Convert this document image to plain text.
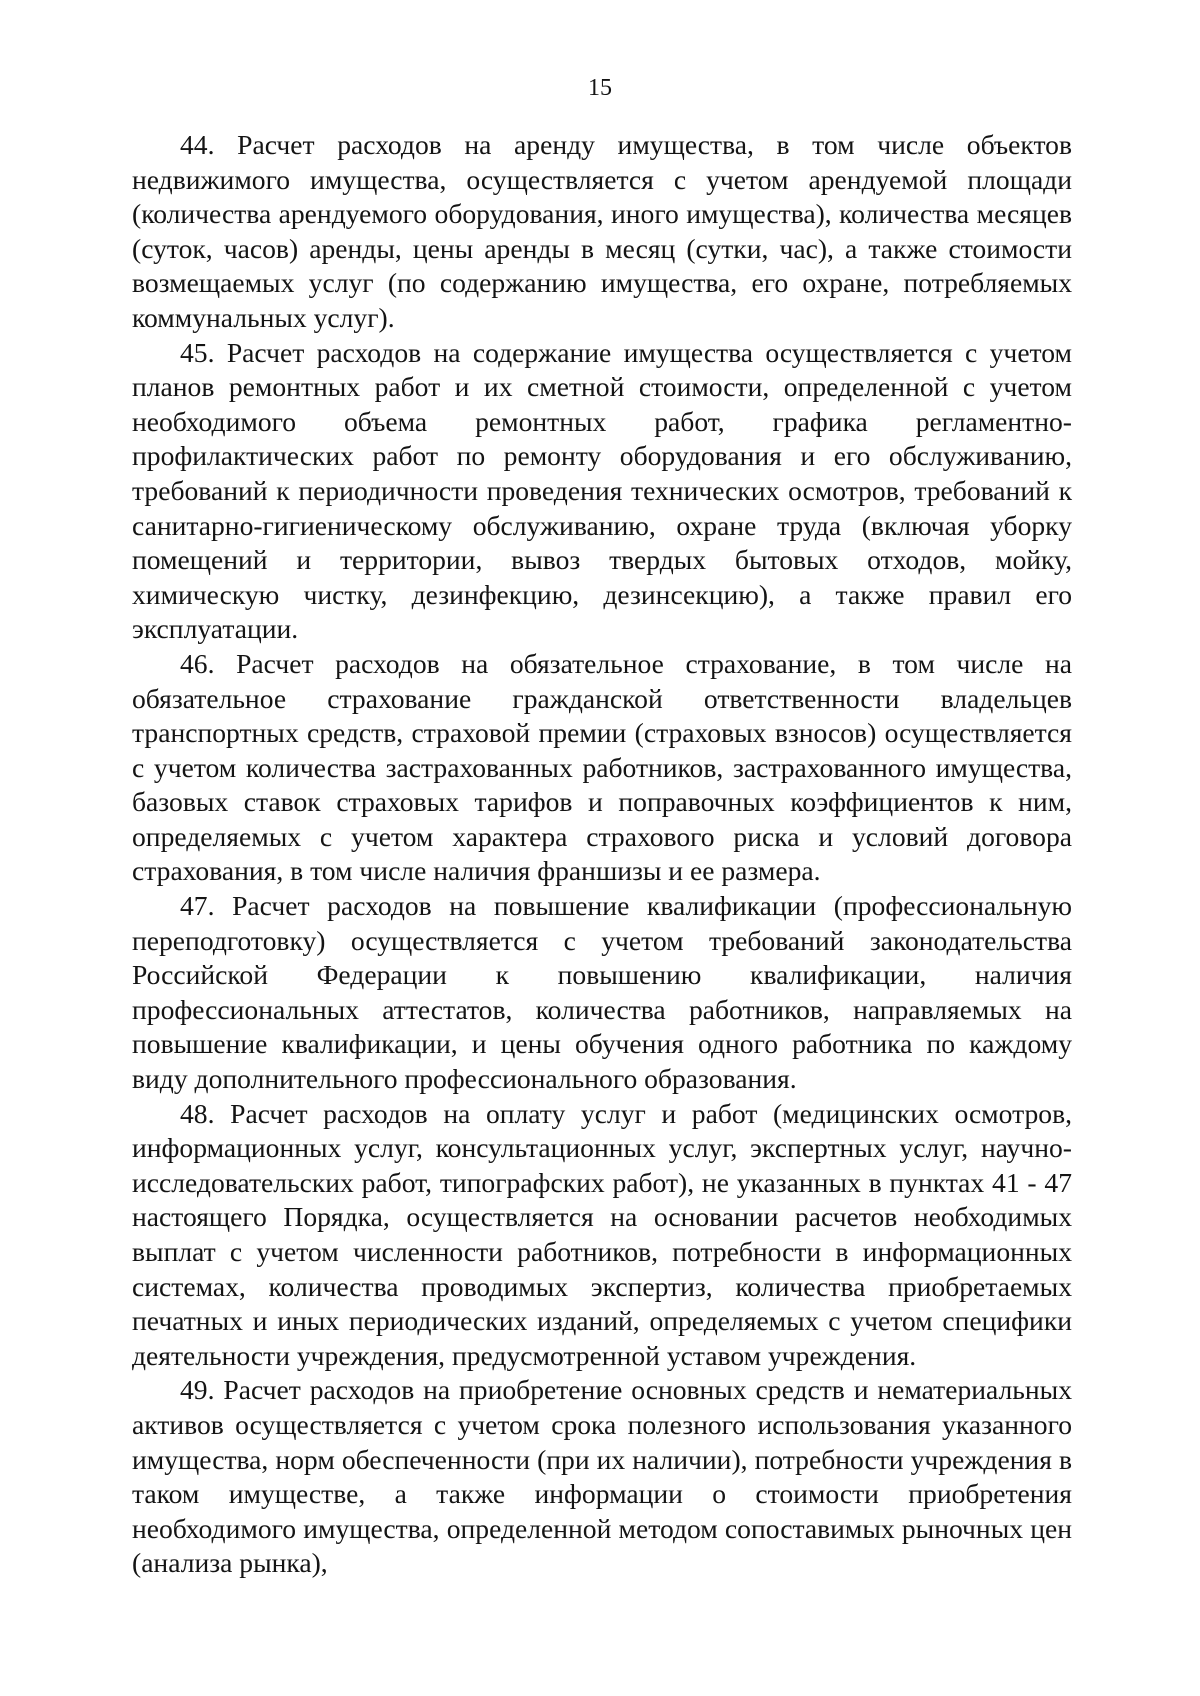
15

44. Расчет расходов на аренду имущества, в том числе объектов недвижимого имущества, осуществляется с учетом арендуемой площади (количества арендуемого оборудования, иного имущества), количества месяцев (суток, часов) аренды, цены аренды в месяц (сутки, час), а также стоимости возмещаемых услуг (по содержанию имущества, его охране, потребляемых коммунальных услуг).

45. Расчет расходов на содержание имущества осуществляется с учетом планов ремонтных работ и их сметной стоимости, определенной с учетом необходимого объема ремонтных работ, графика регламентно-профилактических работ по ремонту оборудования и его обслуживанию, требований к периодичности проведения технических осмотров, требований к санитарно-гигиеническому обслуживанию, охране труда (включая уборку помещений и территории, вывоз твердых бытовых отходов, мойку, химическую чистку, дезинфекцию, дезинсекцию), а также правил его эксплуатации.

46. Расчет расходов на обязательное страхование, в том числе на обязательное страхование гражданской ответственности владельцев транспортных средств, страховой премии (страховых взносов) осуществляется с учетом количества застрахованных работников, застрахованного имущества, базовых ставок страховых тарифов и поправочных коэффициентов к ним, определяемых с учетом характера страхового риска и условий договора страхования, в том числе наличия франшизы и ее размера.

47. Расчет расходов на повышение квалификации (профессиональную переподготовку) осуществляется с учетом требований законодательства Российской Федерации к повышению квалификации, наличия профессиональных аттестатов, количества работников, направляемых на повышение квалификации, и цены обучения одного работника по каждому виду дополнительного профессионального образования.

48. Расчет расходов на оплату услуг и работ (медицинских осмотров, информационных услуг, консультационных услуг, экспертных услуг, научно-исследовательских работ, типографских работ), не указанных в пунктах 41 - 47 настоящего Порядка, осуществляется на основании расчетов необходимых выплат с учетом численности работников, потребности в информационных системах, количества проводимых экспертиз, количества приобретаемых печатных и иных периодических изданий, определяемых с учетом специфики деятельности учреждения, предусмотренной уставом учреждения.

49. Расчет расходов на приобретение основных средств и нематериальных активов осуществляется с учетом срока полезного использования указанного имущества, норм обеспеченности (при их наличии), потребности учреждения в таком имуществе, а также информации о стоимости приобретения необходимого имущества, определенной методом сопоставимых рыночных цен (анализа рынка),
